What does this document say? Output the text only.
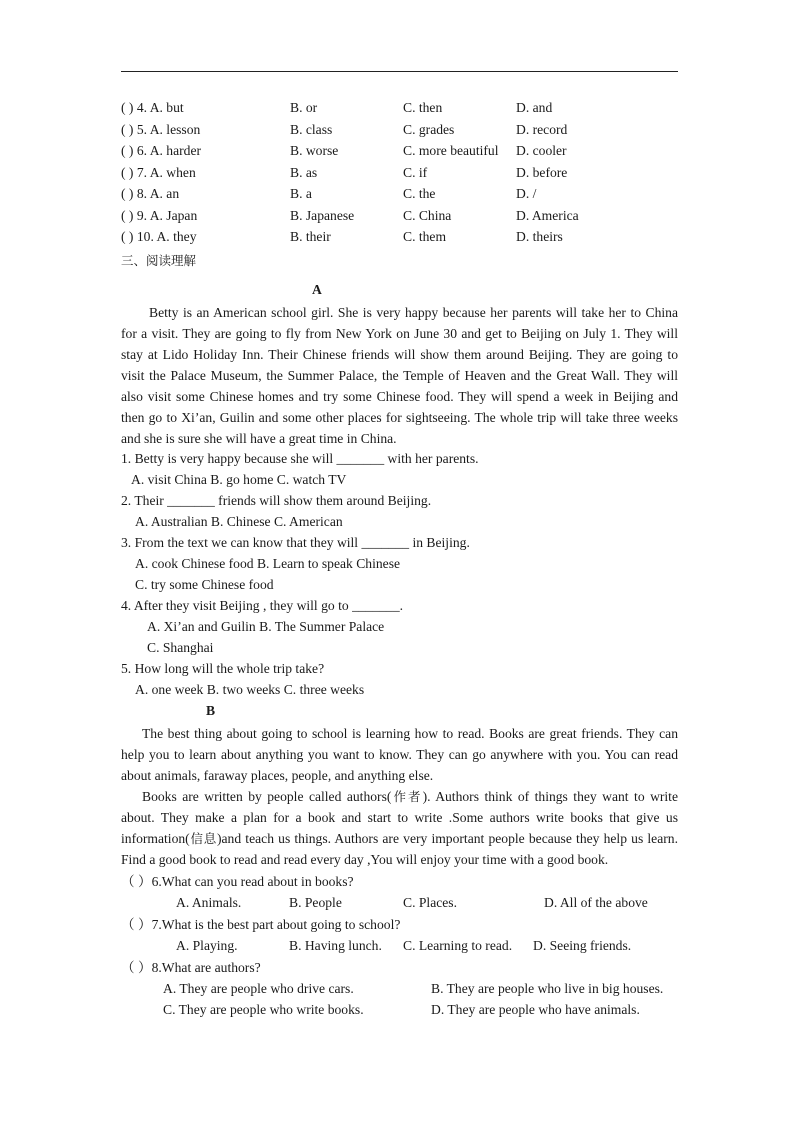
( ) 4. A. but	B. or	C. then	D. and
( ) 5. A. lesson	B. class	C. grades	D. record
( ) 6. A. harder	B. worse	C. more beautiful D. cooler
( ) 7. A. when	B. as	C. if	D. before
( ) 8. A. an	B. a	C. the	D. /
( ) 9. A. Japan	B. Japanese	C. China	D. America
( ) 10. A. they	B. their	C. them	D. theirs
三、阅读理解
A
Betty is an American school girl. She is very happy because her parents will take her to China for a visit. They are going to fly from New York on June 30 and get to Beijing on July 1. They will stay at Lido Holiday Inn. Their Chinese friends will show them around Beijing. They are going to visit the Palace Museum, the Summer Palace, the Temple of Heaven and the Great Wall. They will also visit some Chinese homes and try some Chinese food. They will spend a week in Beijing and then go to Xi’an, Guilin and some other places for sightseeing. The whole trip will take three weeks and she is sure she will have a great time in China.
1. Betty is very happy because she will _______ with her parents.
A. visit China B. go home C. watch TV
2. Their _______ friends will show them around Beijing.
A. Australian B. Chinese C. American
3. From the text we can know that they will _______ in Beijing.
A. cook Chinese food B. Learn to speak Chinese
C. try some Chinese food
4. After they visit Beijing , they will go to _______.
A. Xi’an and Guilin B. The Summer Palace
C. Shanghai
5. How long will the whole trip take?
A. one week B. two weeks C. three weeks
B
The best thing about going to school is learning how to read. Books are great friends. They can help you to learn about anything you want to know. They can go anywhere with you. You can read about animals, faraway places, people, and anything else.
Books are written by people called authors(作者). Authors think of things they want to write about. They make a plan for a book and start to write .Some authors write books that give us information(信息)and teach us things. Authors are very important people because they help us learn. Find a good book to read and read every day ,You will enjoy your time with a good book.
（ ）6.What can you read about in books?
A. Animals.	B. People	C. Places.	D. All of the above
（ ）7.What is the best part about going to school?
A. Playing.	B. Having lunch. C. Learning to read. D. Seeing friends.
（ ）8.What are authors?
A. They are people who drive cars.	B. They are people who live in big houses.
C. They are people who write books.	D. They are people who have animals.
